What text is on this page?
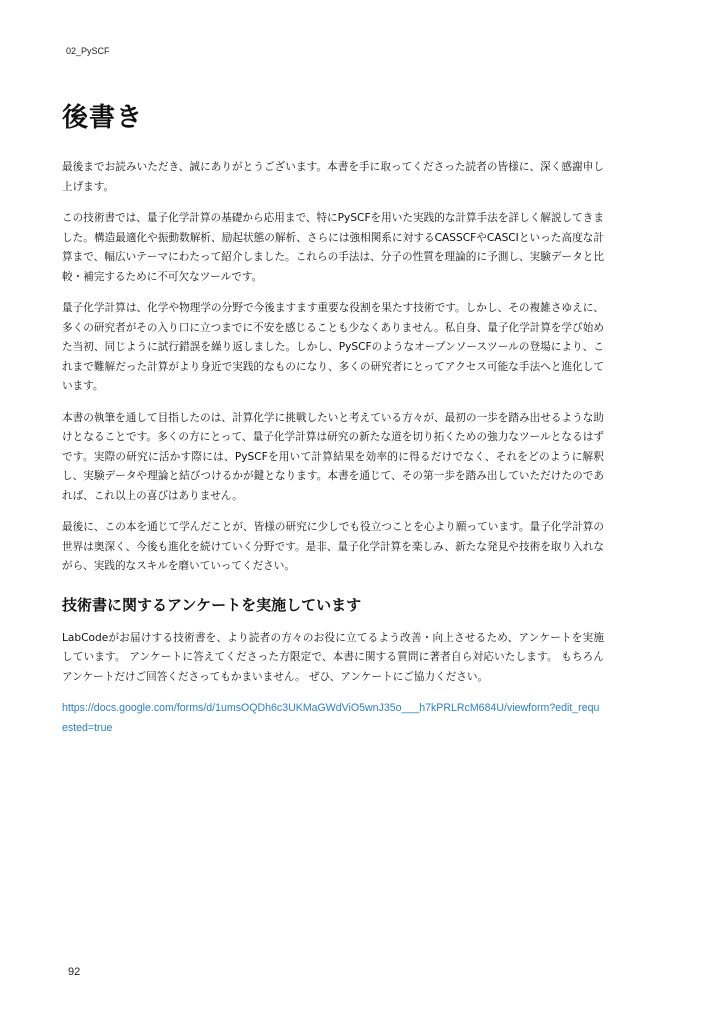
02_PySCF
後書き

最後までお読みいただき、誠にありがとうございます。本書を手に取ってくださった読者の皆様に、深く感謝申し上げます。

この技術書では、量子化学計算の基礎から応用まで、特にPySCFを用いた実践的な計算手法を詳しく解説してきました。構造最適化や振動数解析、励起状態の解析、さらには強相関系に対するCASSCFやCASCIといった高度な計算まで、幅広いテーマにわたって紹介しました。これらの手法は、分子の性質を理論的に予測し、実験データと比較・補完するために不可欠なツールです。

量子化学計算は、化学や物理学の分野で今後ますます重要な役割を果たす技術です。しかし、その複雑さゆえに、多くの研究者がその入り口に立つまでに不安を感じることも少なくありません。私自身、量子化学計算を学び始めた当初、同じように試行錯誤を繰り返しました。しかし、PySCFのようなオープンソースツールの登場により、これまで難解だった計算がより身近で実践的なものになり、多くの研究者にとってアクセス可能な手法へと進化しています。

本書の執筆を通して目指したのは、計算化学に挑戦したいと考えている方々が、最初の一歩を踏み出せるような助けとなることです。多くの方にとって、量子化学計算は研究の新たな道を切り拓くための強力なツールとなるはずです。実際の研究に活かす際には、PySCFを用いて計算結果を効率的に得るだけでなく、それをどのように解釈し、実験データや理論と結びつけるかが鍵となります。本書を通じて、その第一歩を踏み出していただけたのであれば、これ以上の喜びはありません。

最後に、この本を通じて学んだことが、皆様の研究に少しでも役立つことを心より願っています。量子化学計算の世界は奥深く、今後も進化を続けていく分野です。是非、量子化学計算を楽しみ、新たな発見や技術を取り入れながら、実践的なスキルを磨いていってください。

技術書に関するアンケートを実施しています

LabCodeがお届けする技術書を、より読者の方々のお役に立てるよう改善・向上させるため、アンケートを実施しています。 アンケートに答えてくださった方限定で、本書に関する質問に著者自ら対応いたします。 もちろんアンケートだけご回答くださってもかまいません。 ぜひ、アンケートにご協力ください。

https://docs.google.com/forms/d/1umsOQDh6c3UKMaGWdViO5wnJ35o___h7kPRLRcM684U/viewform?edit_requested=true
92
